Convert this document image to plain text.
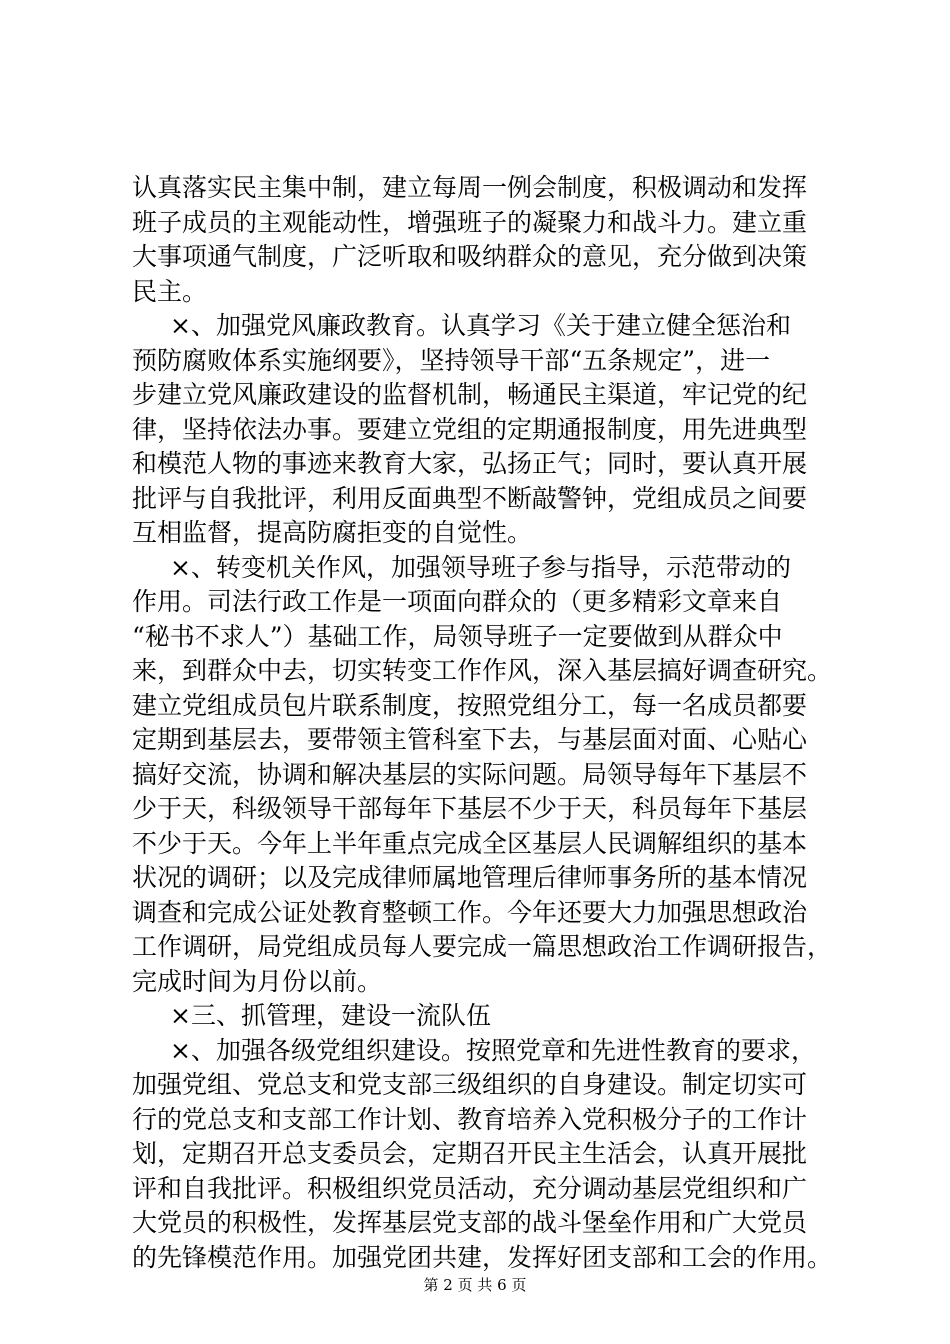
认真落实民主集中制，建立每周一例会制度，积极调动和发挥
班子成员的主观能动性，增强班子的凝聚力和战斗力。建立重
大事项通气制度，广泛听取和吸纳群众的意见，充分做到决策
民主。
×、加强党风廉政教育。认真学习《关于建立健全惩治和
预防腐败体系实施纲要》，坚持领导干部“五条规定”，进一
步建立党风廉政建设的监督机制，畅通民主渠道，牢记党的纪
律，坚持依法办事。要建立党组的定期通报制度，用先进典型
和模范人物的事迹来教育大家，弘扬正气；同时，要认真开展
批评与自我批评，利用反面典型不断敲警钟，党组成员之间要
互相监督，提高防腐拒变的自觉性。
×、转变机关作风，加强领导班子参与指导，示范带动的
作用。司法行政工作是一项面向群众的（更多精彩文章来自
“秘书不求人”）基础工作，局领导班子一定要做到从群众中
来，到群众中去，切实转变工作作风，深入基层搞好调查研究。
建立党组成员包片联系制度，按照党组分工，每一名成员都要
定期到基层去，要带领主管科室下去，与基层面对面、心贴心
搞好交流，协调和解决基层的实际问题。局领导每年下基层不
少于天，科级领导干部每年下基层不少于天，科员每年下基层
不少于天。今年上半年重点完成全区基层人民调解组织的基本
状况的调研；以及完成律师属地管理后律师事务所的基本情况
调查和完成公证处教育整顿工作。今年还要大力加强思想政治
工作调研，局党组成员每人要完成一篇思想政治工作调研报告，
完成时间为月份以前。
×三、抓管理，建设一流队伍
×、加强各级党组织建设。按照党章和先进性教育的要求，
加强党组、党总支和党支部三级组织的自身建设。制定切实可
行的党总支和支部工作计划、教育培养入党积极分子的工作计
划，定期召开总支委员会，定期召开民主生活会，认真开展批
评和自我批评。积极组织党员活动，充分调动基层党组织和广
大党员的积极性，发挥基层党支部的战斗堡垒作用和广大党员
的先锋模范作用。加强党团共建，发挥好团支部和工会的作用。
第 2 页 共 6 页
